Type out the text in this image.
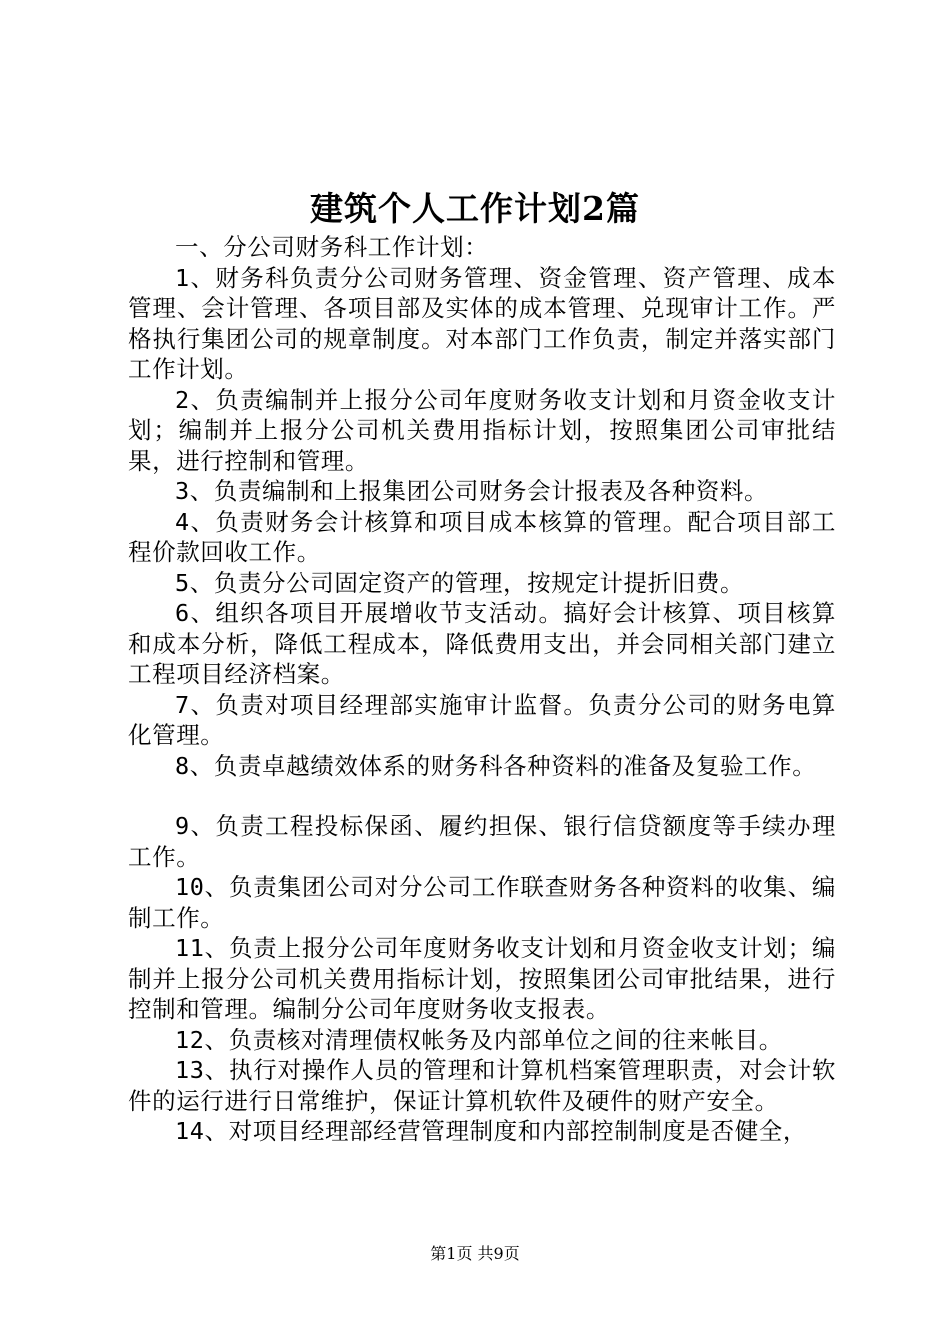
建筑个人工作计划2篇

一、分公司财务科工作计划：

1、财务科负责分公司财务管理、资金管理、资产管理、成本管理、会计管理、各项目部及实体的成本管理、兑现审计工作。严格执行集团公司的规章制度。对本部门工作负责，制定并落实部门工作计划。

2、负责编制并上报分公司年度财务收支计划和月资金收支计划；编制并上报分公司机关费用指标计划，按照集团公司审批结果，进行控制和管理。

3、负责编制和上报集团公司财务会计报表及各种资料。

4、负责财务会计核算和项目成本核算的管理。配合项目部工程价款回收工作。

5、负责分公司固定资产的管理，按规定计提折旧费。

6、组织各项目开展增收节支活动。搞好会计核算、项目核算和成本分析，降低工程成本，降低费用支出，并会同相关部门建立工程项目经济档案。

7、负责对项目经理部实施审计监督。负责分公司的财务电算化管理。

8、负责卓越绩效体系的财务科各种资料的准备及复验工作。

9、负责工程投标保函、履约担保、银行信贷额度等手续办理工作。

10、负责集团公司对分公司工作联查财务各种资料的收集、编制工作。

11、负责上报分公司年度财务收支计划和月资金收支计划；编制并上报分公司机关费用指标计划，按照集团公司审批结果，进行控制和管理。编制分公司年度财务收支报表。

12、负责核对清理债权帐务及内部单位之间的往来帐目。

13、执行对操作人员的管理和计算机档案管理职责，对会计软件的运行进行日常维护，保证计算机软件及硬件的财产安全。

14、对项目经理部经营管理制度和内部控制制度是否健全，

第1页 共9页
